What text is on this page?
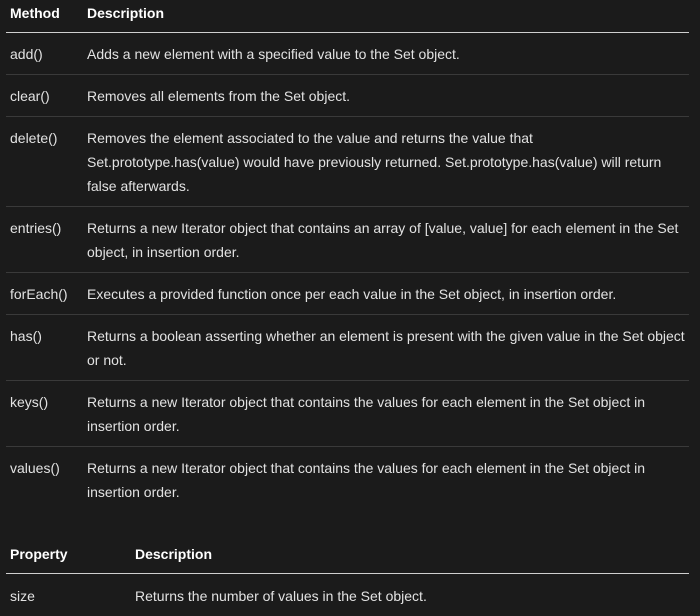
Method	Description
add()	Adds a new element with a specified value to the Set object.
clear()	Removes all elements from the Set object.
delete()	Removes the element associated to the value and returns the value that Set.prototype.has(value) would have previously returned. Set.prototype.has(value) will return false afterwards.
entries()	Returns a new Iterator object that contains an array of [value, value] for each element in the Set object, in insertion order.
forEach()	Executes a provided function once per each value in the Set object, in insertion order.
has()	Returns a boolean asserting whether an element is present with the given value in the Set object or not.
keys()	Returns a new Iterator object that contains the values for each element in the Set object in insertion order.
values()	Returns a new Iterator object that contains the values for each element in the Set object in insertion order.
Property	Description
size	Returns the number of values in the Set object.
